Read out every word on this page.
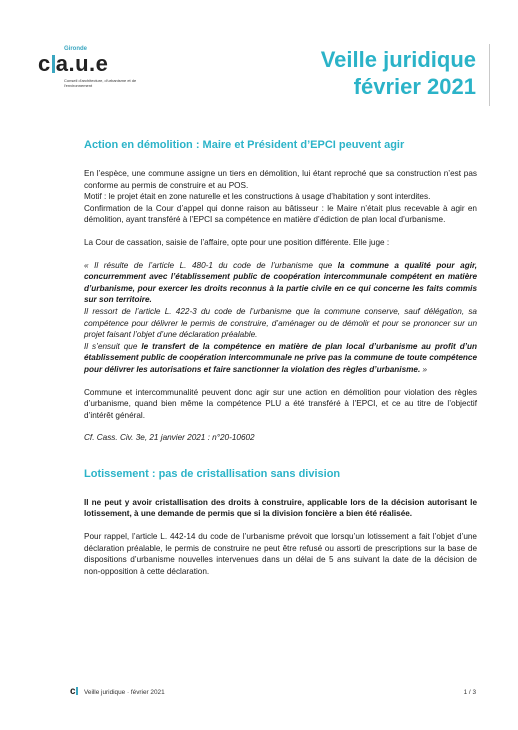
Gironde
c a.u.e
Conseil d'architecture, d'urbanisme et de l'environnement
Veille juridique
février 2021
Action en démolition : Maire et Président d’EPCI peuvent agir

En l’espèce, une commune assigne un tiers en démolition, lui étant reproché que sa construction n’est pas conforme au permis de construire et au POS.

Motif : le projet était en zone naturelle et les constructions à usage d’habitation y sont interdites.

Confirmation de la Cour d’appel qui donne raison au bâtisseur : le Maire n’était plus recevable à agir en démolition, ayant transféré à l’EPCI sa compétence en matière d’édiction de plan local d’urbanisme.

La Cour de cassation, saisie de l’affaire, opte pour une position différente. Elle juge :

« Il résulte de l’article L. 480-1 du code de l’urbanisme que la commune a qualité pour agir, concurremment avec l’établissement public de coopération intercommunale compétent en matière d’urbanisme, pour exercer les droits reconnus à la partie civile en ce qui concerne les faits commis sur son territoire.

Il ressort de l’article L. 422-3 du code de l’urbanisme que la commune conserve, sauf délégation, sa compétence pour délivrer le permis de construire, d’aménager ou de démolir et pour se prononcer sur un projet faisant l’objet d’une déclaration préalable.

Il s’ensuit que le transfert de la compétence en matière de plan local d’urbanisme au profit d’un établissement public de coopération intercommunale ne prive pas la commune de toute compétence pour délivrer les autorisations et faire sanctionner la violation des règles d’urbanisme. »

Commune et intercommunalité peuvent donc agir sur une action en démolition pour violation des règles d’urbanisme, quand bien même la compétence PLU a été transféré à l’EPCI, et ce au titre de l’objectif d’intérêt général.

Cf. Cass. Civ. 3e, 21 janvier 2021 : n°20-10602

Lotissement : pas de cristallisation sans division

Il ne peut y avoir cristallisation des droits à construire, applicable lors de la décision autorisant le lotissement, à une demande de permis que si la division foncière a bien été réalisée.

Pour rappel, l’article L. 442-14 du code de l’urbanisme prévoit que lorsqu’un lotissement a fait l’objet d’une déclaration préalable, le permis de construire ne peut être refusé ou assorti de prescriptions sur la base de dispositions d’urbanisme nouvelles intervenues dans un délai de 5 ans suivant la date de la décision de non-opposition à cette déclaration.

c	Veille juridique · février 2021	1 / 3
